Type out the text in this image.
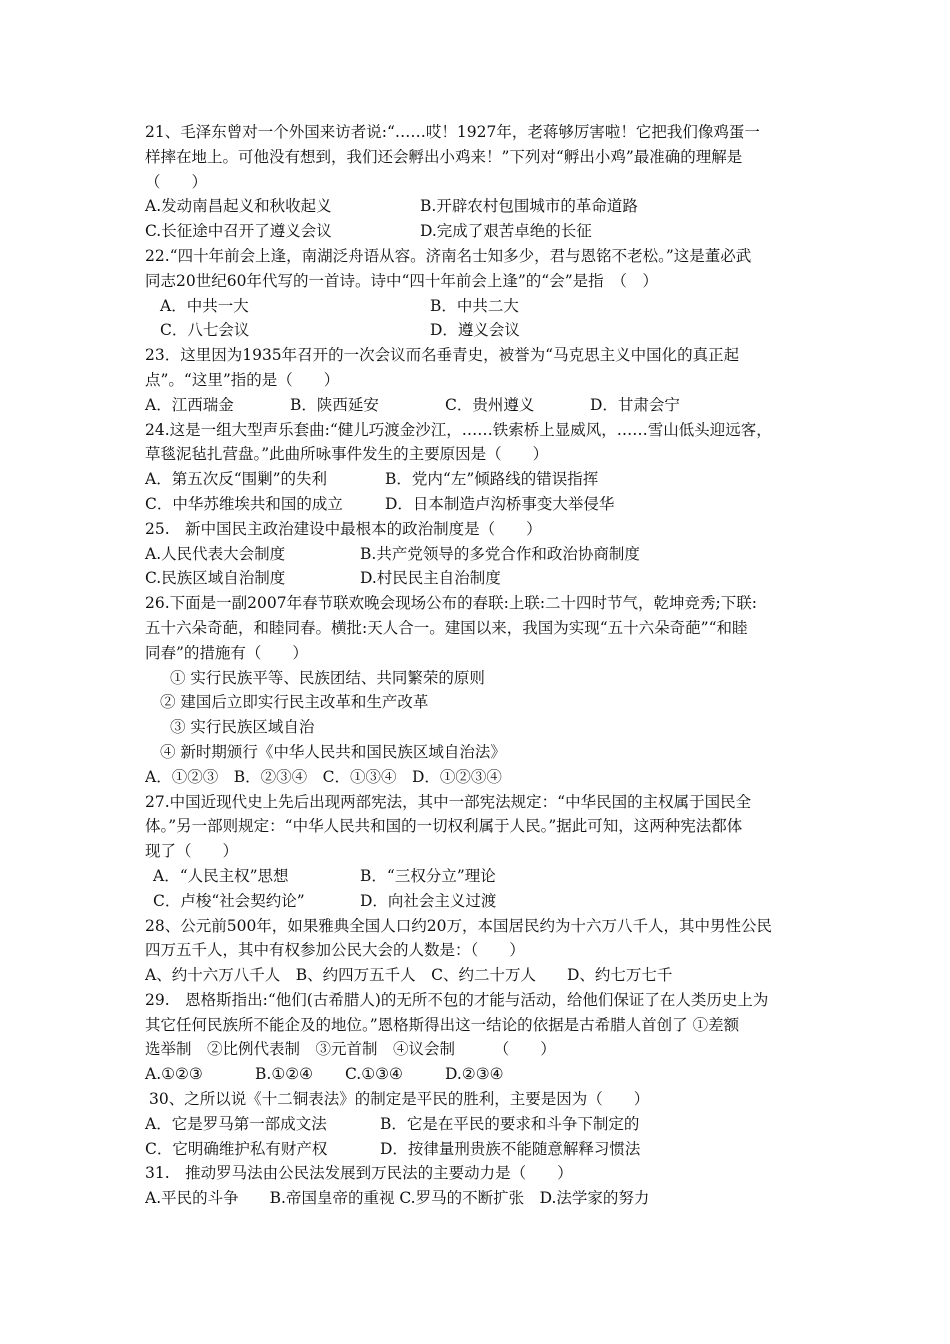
21、毛泽东曾对一个外国来访者说:“……哎！1927年，老蒋够厉害啦！它把我们像鸡蛋一
样摔在地上。可他没有想到，我们还会孵出小鸡来！”下列对“孵出小鸡”最准确的理解是
（　　）
A.发动南昌起义和秋收起义	B.开辟农村包围城市的革命道路
C.长征途中召开了遵义会议	D.完成了艰苦卓绝的长征
22.“四十年前会上逢，南湖泛舟语从容。济南名士知多少，君与恩铭不老松。”这是董必武
同志20世纪60年代写的一首诗。诗中“四十年前会上逢”的“会”是指　（　）
A．中共一大	B．中共二大
C．八七会议	D．遵义会议
23．这里因为1935年召开的一次会议而名垂青史，被誉为“马克思主义中国化的真正起
点”。“这里”指的是（　　）
A．江西瑞金	B．陕西延安	C．贵州遵义	D．甘肃会宁
24.这是一组大型声乐套曲:“健儿巧渡金沙江，……铁索桥上显威风，……雪山低头迎远客，
草毯泥毡扎营盘。”此曲所咏事件发生的主要原因是（　　）
A．第五次反“围剿”的失利	B．党内“左”倾路线的错误指挥
C．中华苏维埃共和国的成立	D．日本制造卢沟桥事变大举侵华
25.　新中国民主政治建设中最根本的政治制度是（　　）
A.人民代表大会制度	B.共产党领导的多党合作和政治协商制度
C.民族区域自治制度	D.村民民主自治制度
26.下面是一副2007年春节联欢晚会现场公布的春联:上联:二十四时节气，乾坤竞秀;下联:
五十六朵奇葩，和睦同春。横批:天人合一。建国以来，我国为实现“五十六朵奇葩”“和睦
同春”的措施有（　　）
① 实行民族平等、民族团结、共同繁荣的原则
② 建国后立即实行民主改革和生产改革
③ 实行民族区域自治
④ 新时期颁行《中华人民共和国民族区域自治法》
A．①②③　B．②③④　C．①③④　D．①②③④
27.中国近现代史上先后出现两部宪法，其中一部宪法规定：“中华民国的主权属于国民全
体。”另一部则规定：“中华人民共和国的一切权利属于人民。”据此可知，这两种宪法都体
现了（　　）
A．“人民主权”思想	B．“三权分立”理论
C．卢梭“社会契约论”	D．向社会主义过渡
28、公元前500年，如果雅典全国人口约20万，本国居民约为十六万八千人，其中男性公民
四万五千人，其中有权参加公民大会的人数是：（　　）
A、约十六万八千人　B、约四万五千人　C、约二十万人　　D、约七万七千
29.　恩格斯指出:“他们(古希腊人)的无所不包的才能与活动，给他们保证了在人类历史上为
其它任何民族所不能企及的地位。”恩格斯得出这一结论的依据是古希腊人首创了 ①差额
选举制　②比例代表制　③元首制　④议会制　　　（　　）
A.①②③	B.①②④	C.①③④	D.②③④
30、之所以说《十二铜表法》的制定是平民的胜利，主要是因为（　　）
A．它是罗马第一部成文法	B．它是在平民的要求和斗争下制定的
C．它明确维护私有财产权	D．按律量刑贵族不能随意解释习惯法
31.　推动罗马法由公民法发展到万民法的主要动力是（　　）
A.平民的斗争　　B.帝国皇帝的重视 C.罗马的不断扩张　D.法学家的努力
